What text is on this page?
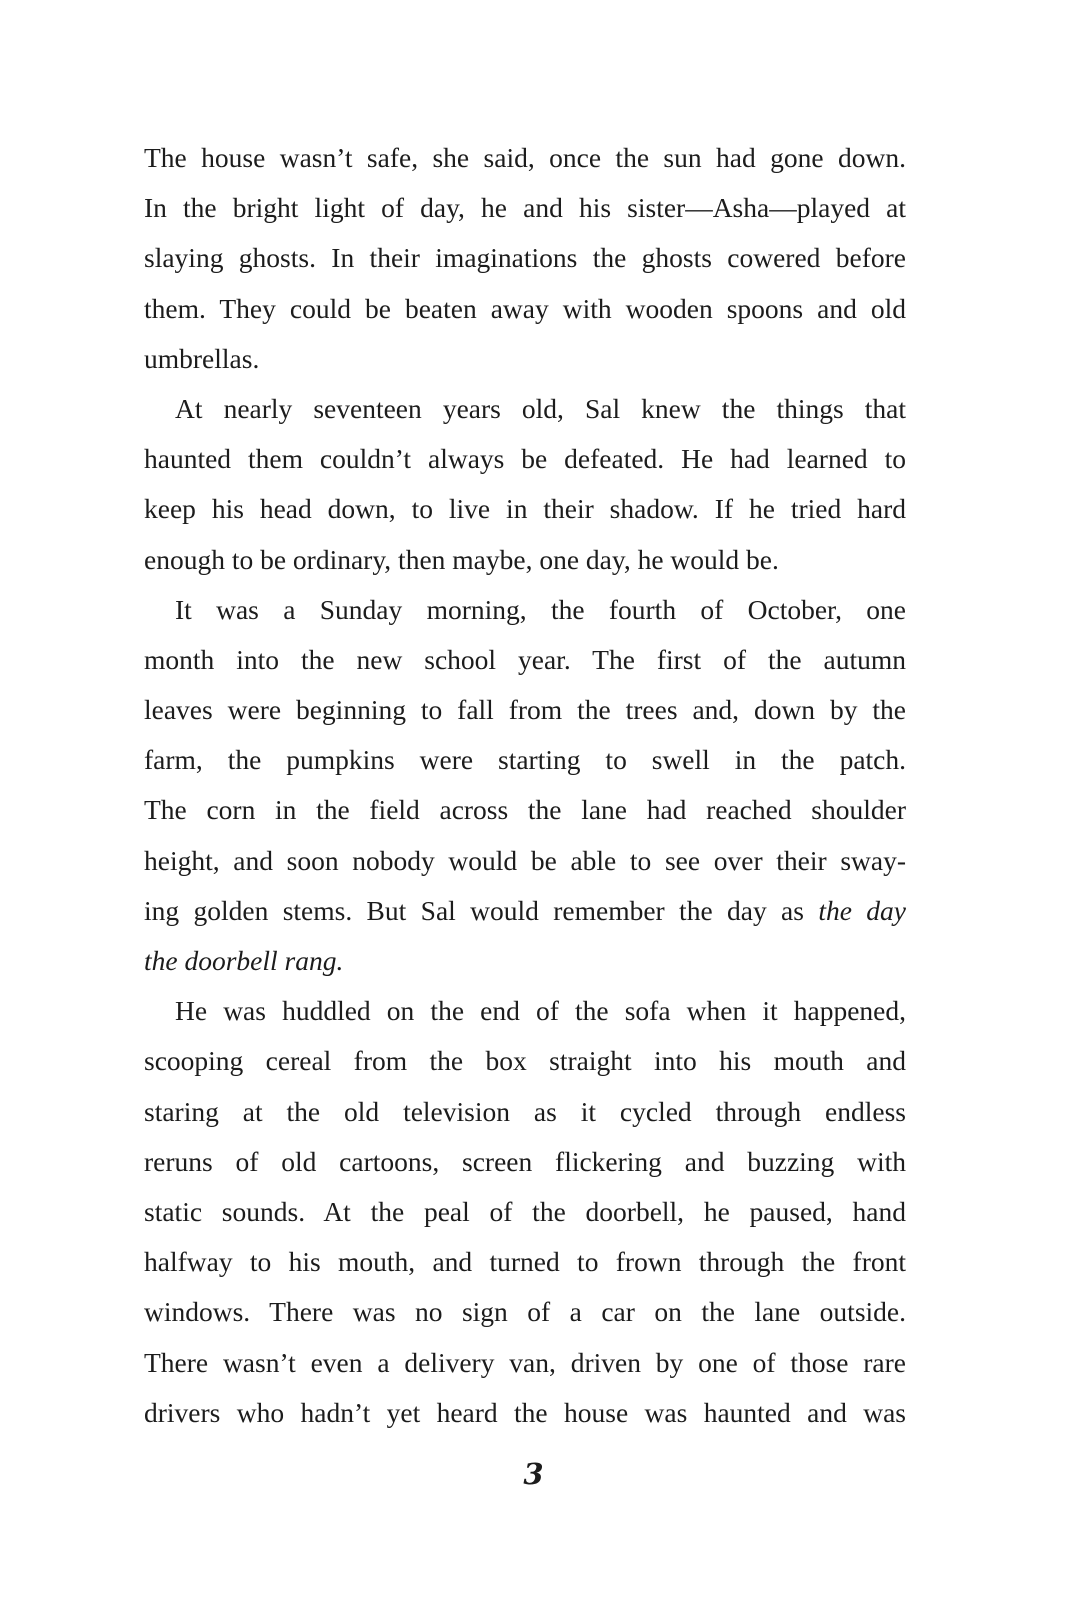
The house wasn’t safe, she said, once the sun had gone down.
In the bright light of day, he and his sister—Asha—played at
slaying ghosts. In their imaginations the ghosts cowered before
them. They could be beaten away with wooden spoons and old
umbrellas.
At nearly seventeen years old, Sal knew the things that
haunted them couldn’t always be defeated. He had learned to
keep his head down, to live in their shadow. If he tried hard
enough to be ordinary, then maybe, one day, he would be.
It was a Sunday morning, the fourth of October, one
month into the new school year. The first of the autumn
leaves were beginning to fall from the trees and, down by the
farm, the pumpkins were starting to swell in the patch.
The corn in the field across the lane had reached shoulder
height, and soon nobody would be able to see over their sway-
ing golden stems. But Sal would remember the day as the day
the doorbell rang.
He was huddled on the end of the sofa when it happened,
scooping cereal from the box straight into his mouth and
staring at the old television as it cycled through endless
reruns of old cartoons, screen flickering and buzzing with
static sounds. At the peal of the doorbell, he paused, hand
halfway to his mouth, and turned to frown through the front
windows. There was no sign of a car on the lane outside.
There wasn’t even a delivery van, driven by one of those rare
drivers who hadn’t yet heard the house was haunted and was
3
